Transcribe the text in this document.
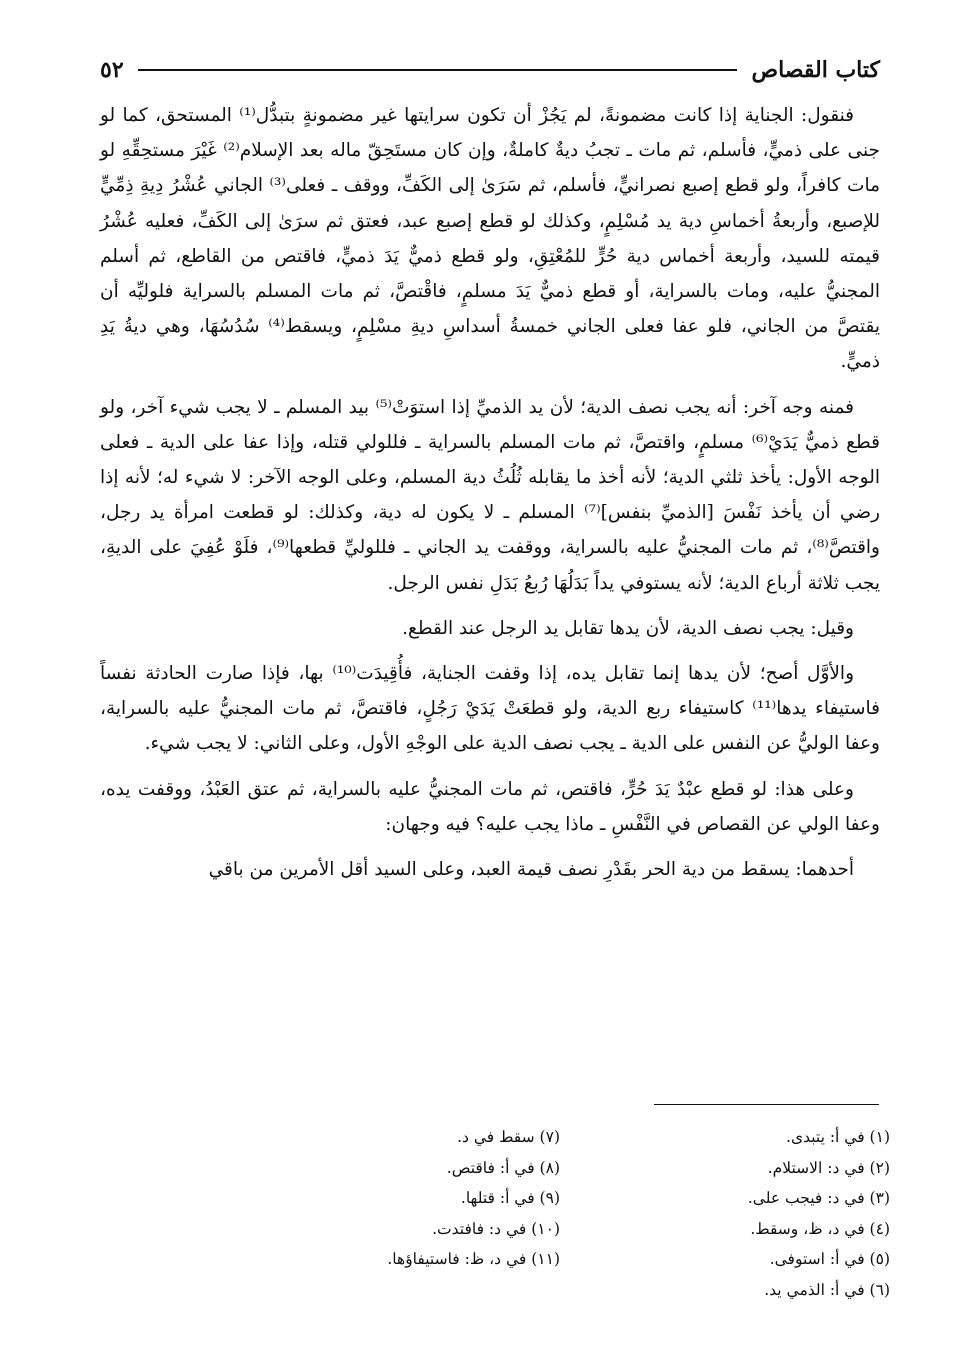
كتاب القصاص
٥٢

فنقول: الجناية إذا كانت مضمونةً، لم يَجُزْ أن تكون سرايتها غير مضمونةٍ بتبدُّل⁽¹⁾ المستحق، كما لو جنى على ذميٍّ، فأسلم، ثم مات ـ تجبُ ديةٌ كاملةٌ، وإن كان مستَحِقّ ماله بعد الإسلام⁽²⁾ غَيْرَ مستحِقِّهِ لو مات كافراً، ولو قطع إصبع نصرانيٍّ، فأسلم، ثم سَرَىٰ إلى الكَفِّ، ووقف ـ فعلى⁽³⁾ الجاني عُشْرُ دِيةِ ذِمِّيٍّ للإصبع، وأربعةُ أخماسِ دية يد مُسْلِمٍ، وكذلك لو قطع إصبع عبد، فعتق ثم سرَىٰ إلى الكَفِّ، فعليه عُشْرُ قيمته للسيد، وأربعة أخماس دية حُرٍّ للمُعْتِقِ، ولو قطع ذميٌّ يَدَ ذميٍّ، فاقتص من القاطع، ثم أسلم المجنيُّ عليه، ومات بالسراية، أو قطع ذميٌّ يَدَ مسلمٍ، فاقْتصَّ، ثم مات المسلم بالسراية فلوليِّه أن يقتصَّ من الجاني، فلو عفا فعلى الجاني خمسةُ أسداسِ ديةِ مسْلِمٍ، ويسقط⁽⁴⁾ سُدُسُهَا، وهي ديةُ يَدِ ذميٍّ.

فمنه وجه آخر: أنه يجب نصف الدية؛ لأن يد الذميِّ إذا استوَتْ⁽⁵⁾ بيد المسلم ـ لا يجب شيء آخر، ولو قطع ذميٌّ يَدَيْ⁽⁶⁾ مسلمٍ، واقتصَّ، ثم مات المسلم بالسراية ـ فللولي قتله، وإذا عفا على الدية ـ فعلى الوجه الأول: يأخذ ثلثي الدية؛ لأنه أخذ ما يقابله ثُلُثُ دية المسلم، وعلى الوجه الآخر: لا شيء له؛ لأنه إذا رضي أن يأخذ نَفْسَ [الذميِّ بنفس]⁽⁷⁾ المسلم ـ لا يكون له دية، وكذلك: لو قطعت امرأة يد رجل، واقتصَّ⁽⁸⁾، ثم مات المجنيُّ عليه بالسراية، ووقفت يد الجاني ـ فللوليِّ قطعها⁽⁹⁾، فلَوْ عُفِيَ على الديةِ، يجب ثلاثة أرباع الدية؛ لأنه يستوفي يداً بَدَلُهَا رُبعُ بَدَلِ نفس الرجل.

وقيل: يجب نصف الدية، لأن يدها تقابل يد الرجل عند القطع.

والأوَّل أصح؛ لأن يدها إنما تقابل يده، إذا وقفت الجناية، فأُقِيدَت⁽¹⁰⁾ بها، فإذا صارت الحادثة نفساً فاستيفاء يدها⁽¹¹⁾ كاستيفاء ربع الدية، ولو قطعَتْ يَدَيْ رَجُلٍ، فاقتصَّ، ثم مات المجنيُّ عليه بالسراية، وعفا الوليُّ عن النفس على الدية ـ يجب نصف الدية على الوجْهِ الأول، وعلى الثاني: لا يجب شيء.

وعلى هذا: لو قطع عبْدٌ يَدَ حُرٍّ، فاقتص، ثم مات المجنيُّ عليه بالسراية، ثم عتق العَبْدُ، ووقفت يده، وعفا الولي عن القصاص في النَّفْسِ ـ ماذا يجب عليه؟ فيه وجهان:

أحدهما: يسقط من دية الحر بقَدْرِ نصف قيمة العبد، وعلى السيد أقل الأمرين من باقي

(١) في أ: يتبدى.
(٢) في د: الاستلام.
(٣) في د: فيجب على.
(٤) في د، ظ، وسقط.
(٥) في أ: استوفى.
(٦) في أ: الذمي يد.
(٧) سقط في د.
(٨) في أ: فاقتص.
(٩) في أ: قتلها.
(١٠) في د: فافتدت.
(١١) في د، ظ: فاستيفاؤها.
